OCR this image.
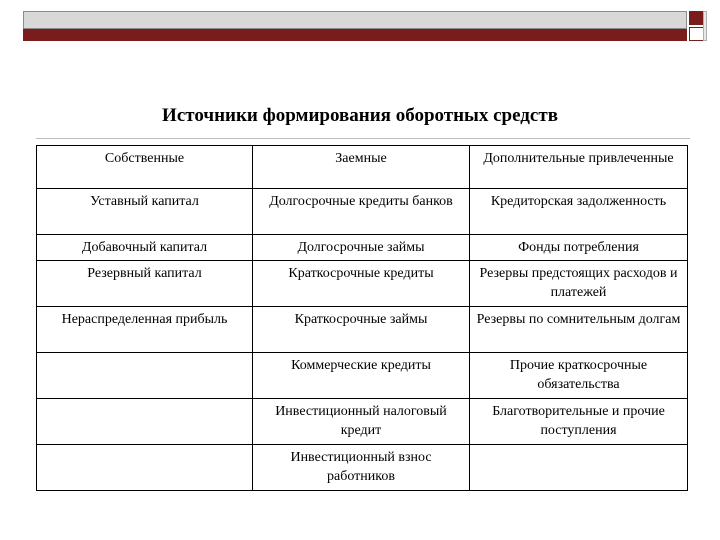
Источники формирования оборотных средств
Собственные	Заемные	Дополнительные привлеченные
Уставный капитал	Долгосрочные кредиты банков	Кредиторская задолженность
Добавочный капитал	Долгосрочные займы	Фонды потребления
Резервный капитал	Краткосрочные кредиты	Резервы предстоящих расходов и платежей
Нераспределенная прибыль	Краткосрочные займы	Резервы по сомнительным долгам
	Коммерческие кредиты	Прочие краткосрочные обязательства
	Инвестиционный налоговый кредит	Благотворительные и прочие поступления
	Инвестиционный взнос работников	
